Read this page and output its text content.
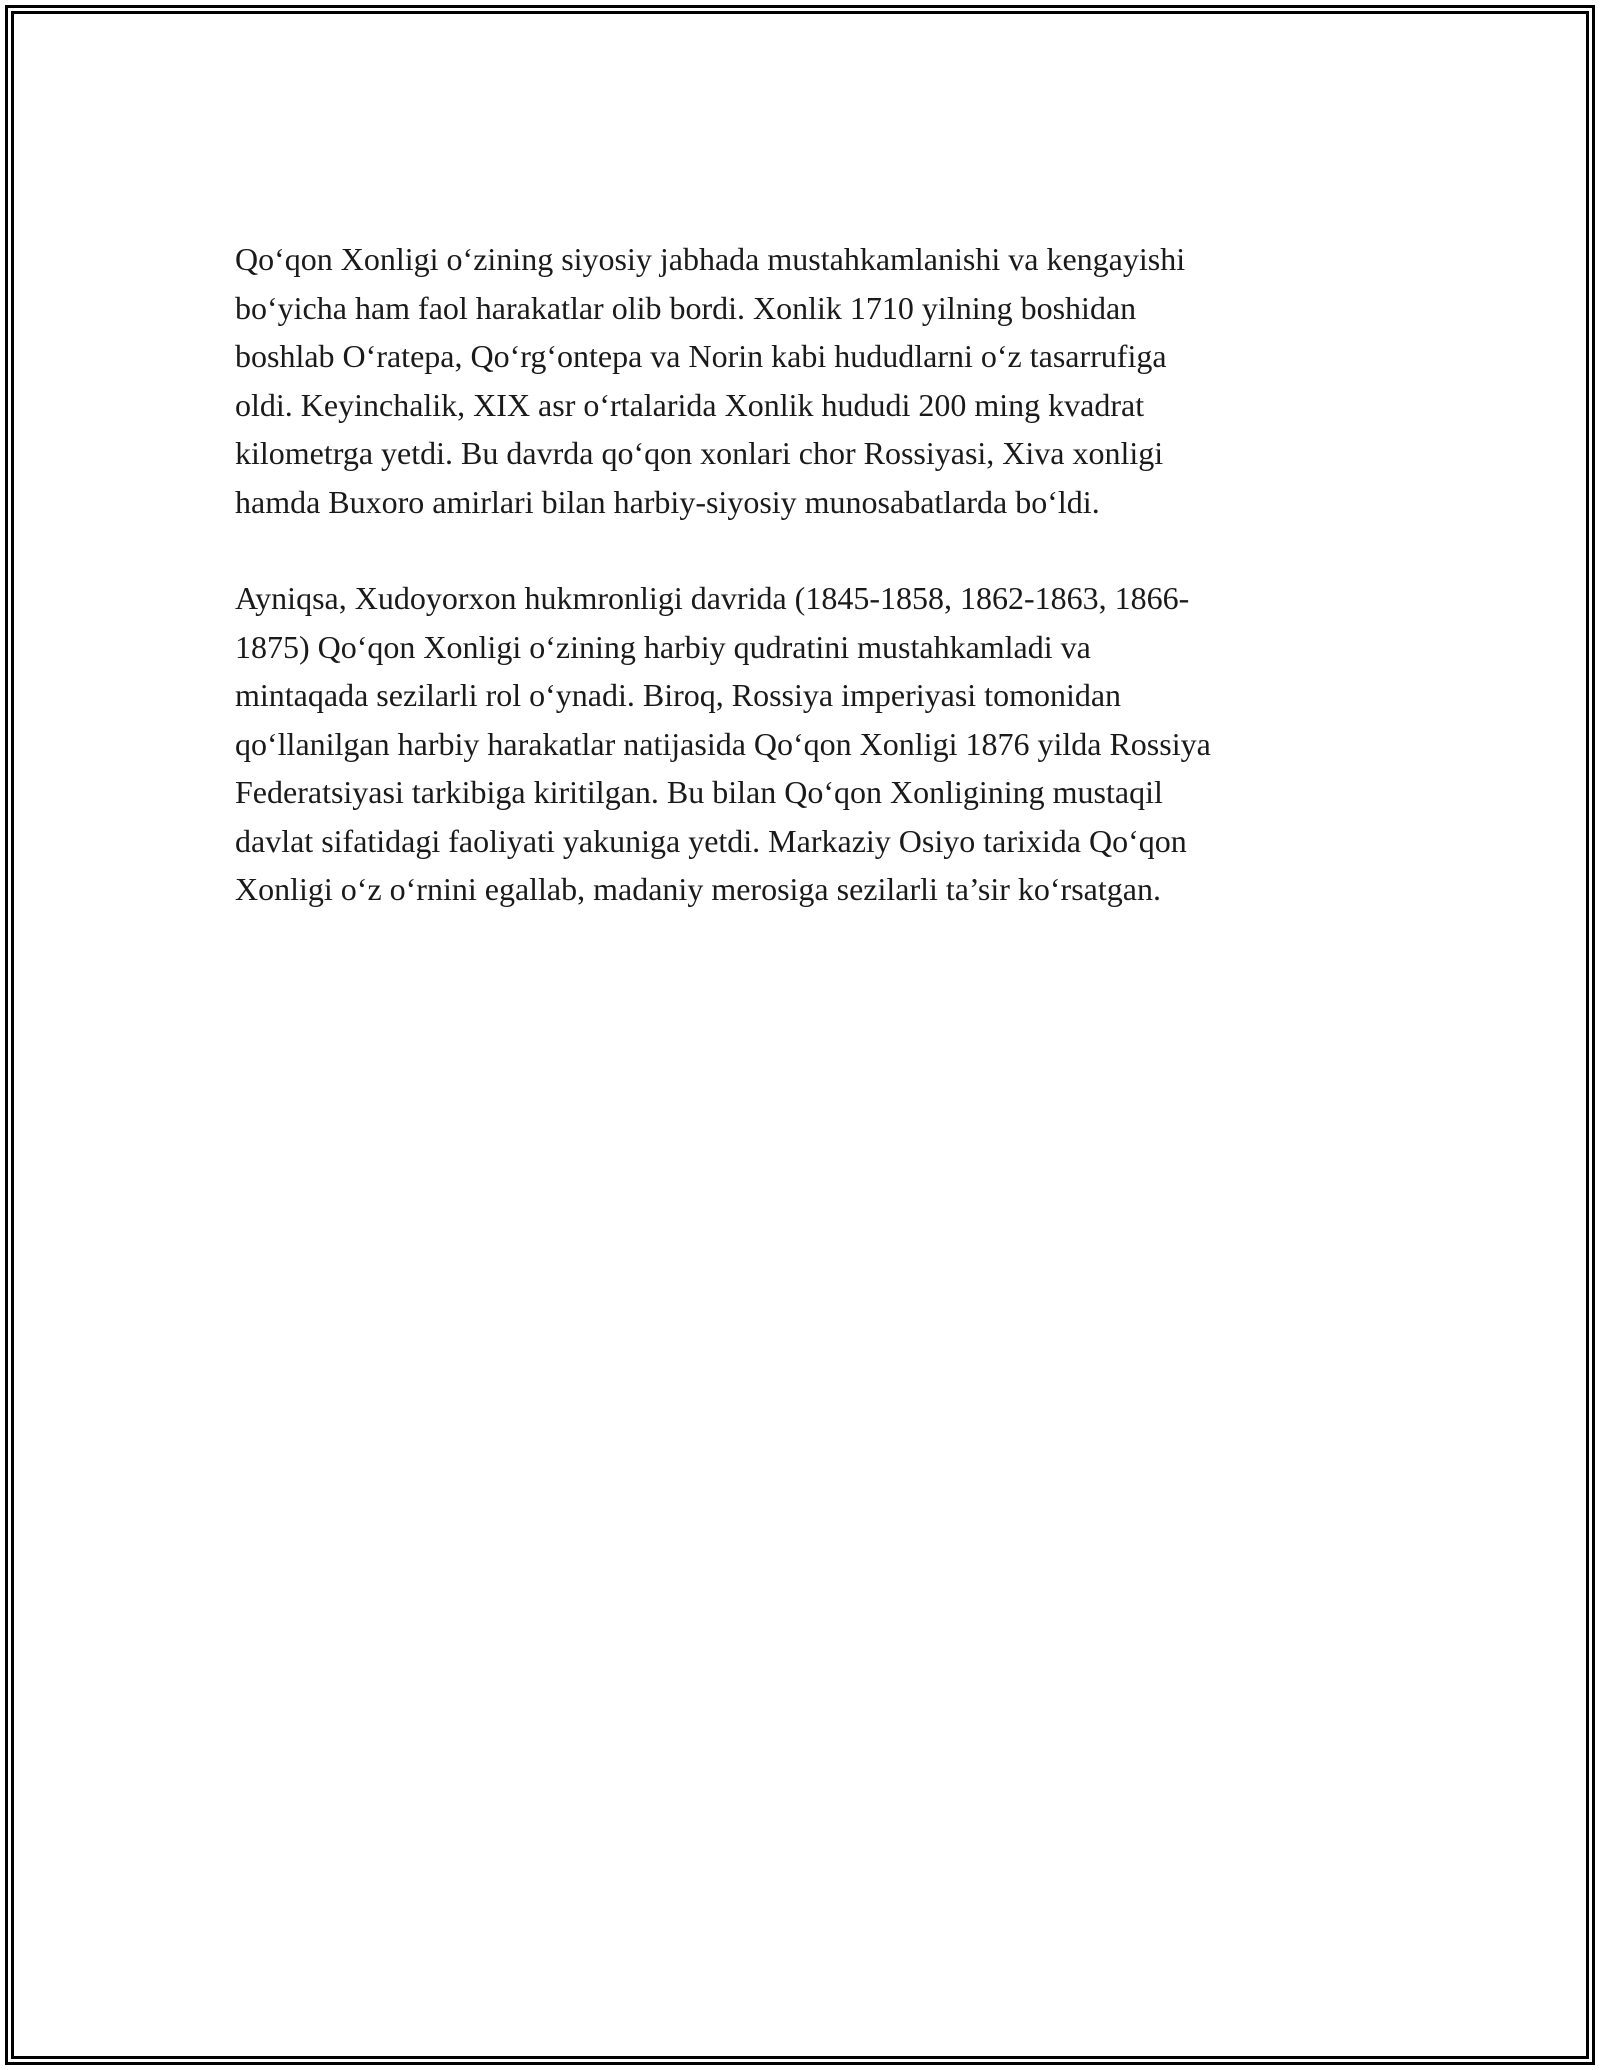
Qo‘qon Xonligi o‘zining siyosiy jabhada mustahkamlanishi va kengayishi
bo‘yicha ham faol harakatlar olib bordi. Xonlik 1710 yilning boshidan
boshlab O‘ratepa, Qo‘rg‘ontepa va Norin kabi hududlarni o‘z tasarrufiga
oldi. Keyinchalik, XIX asr o‘rtalarida Xonlik hududi 200 ming kvadrat
kilometrga yetdi. Bu davrda qo‘qon xonlari chor Rossiyasi, Xiva xonligi
hamda Buxoro amirlari bilan harbiy-siyosiy munosabatlarda bo‘ldi.

Ayniqsa, Xudoyorxon hukmronligi davrida (1845-1858, 1862-1863, 1866-
1875) Qo‘qon Xonligi o‘zining harbiy qudratini mustahkamladi va
mintaqada sezilarli rol o‘ynadi. Biroq, Rossiya imperiyasi tomonidan
qo‘llanilgan harbiy harakatlar natijasida Qo‘qon Xonligi 1876 yilda Rossiya
Federatsiyasi tarkibiga kiritilgan. Bu bilan Qo‘qon Xonligining mustaqil
davlat sifatidagi faoliyati yakuniga yetdi. Markaziy Osiyo tarixida Qo‘qon
Xonligi o‘z o‘rnini egallab, madaniy merosiga sezilarli ta’sir ko‘rsatgan.
